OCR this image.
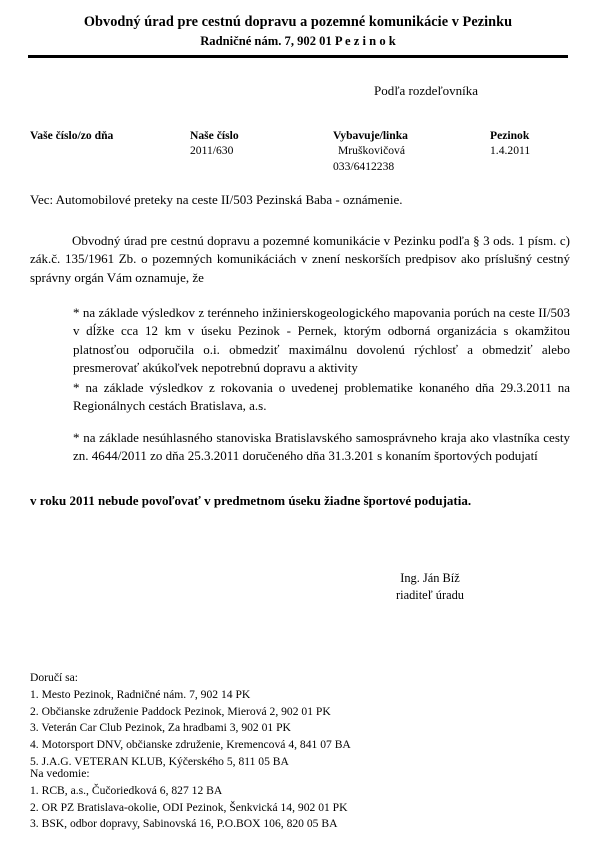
Obvodný úrad pre cestnú dopravu a pozemné komunikácie v Pezinku
Radničné nám. 7, 902 01 P e z i n o k
Podľa rozdeľovníka
Vaše číslo/zo dňa	Naše číslo
2011/630
Vybavuje/linka
Mruškovičová
033/6412238
Pezinok
1.4.2011
Vec: Automobilové preteky na ceste II/503 Pezinská Baba - oznámenie.
Obvodný úrad pre cestnú dopravu a pozemné komunikácie v Pezinku podľa § 3 ods. 1 písm. c) zák.č. 135/1961 Zb. o pozemných komunikáciách v znení neskorších predpisov ako príslušný cestný správny orgán Vám oznamuje, že
* na základe výsledkov z terénneho inžinierskogeologického mapovania porúch na ceste II/503 v dĺžke cca 12 km v úseku Pezinok - Pernek, ktorým odborná organizácia s okamžitou platnosťou odporučila o.i. obmedziť maximálnu dovolenú rýchlosť a obmedziť alebo presmerovať akúkoľvek nepotrebnú dopravu a aktivity
* na základe výsledkov z rokovania o uvedenej problematike konaného dňa 29.3.2011 na Regionálnych cestách Bratislava, a.s.
* na základe nesúhlasného stanoviska Bratislavského samosprávneho kraja ako vlastníka cesty zn. 4644/2011 zo dňa 25.3.2011 doručeného dňa 31.3.201 s konaním športových podujatí
v roku 2011 nebude povoľovať v predmetnom úseku žiadne športové podujatia.
Ing. Ján Bíž
riaditeľ úradu
Doručí sa:
1. Mesto Pezinok, Radničné nám. 7, 902 14 PK
2. Občianske združenie Paddock Pezinok, Mierová 2, 902 01 PK
3. Veterán Car Club Pezinok, Za hradbami 3, 902 01 PK
4. Motorsport DNV, občianske združenie, Kremencová 4, 841 07 BA
5. J.A.G. VETERAN KLUB, Kýčerského 5, 811 05 BA
Na vedomie:
1. RCB, a.s., Čučoriedková 6, 827 12 BA
2. OR PZ Bratislava-okolie, ODI Pezinok, Šenkvická 14, 902 01 PK
3. BSK, odbor dopravy, Sabinovská 16, P.O.BOX 106, 820 05 BA
